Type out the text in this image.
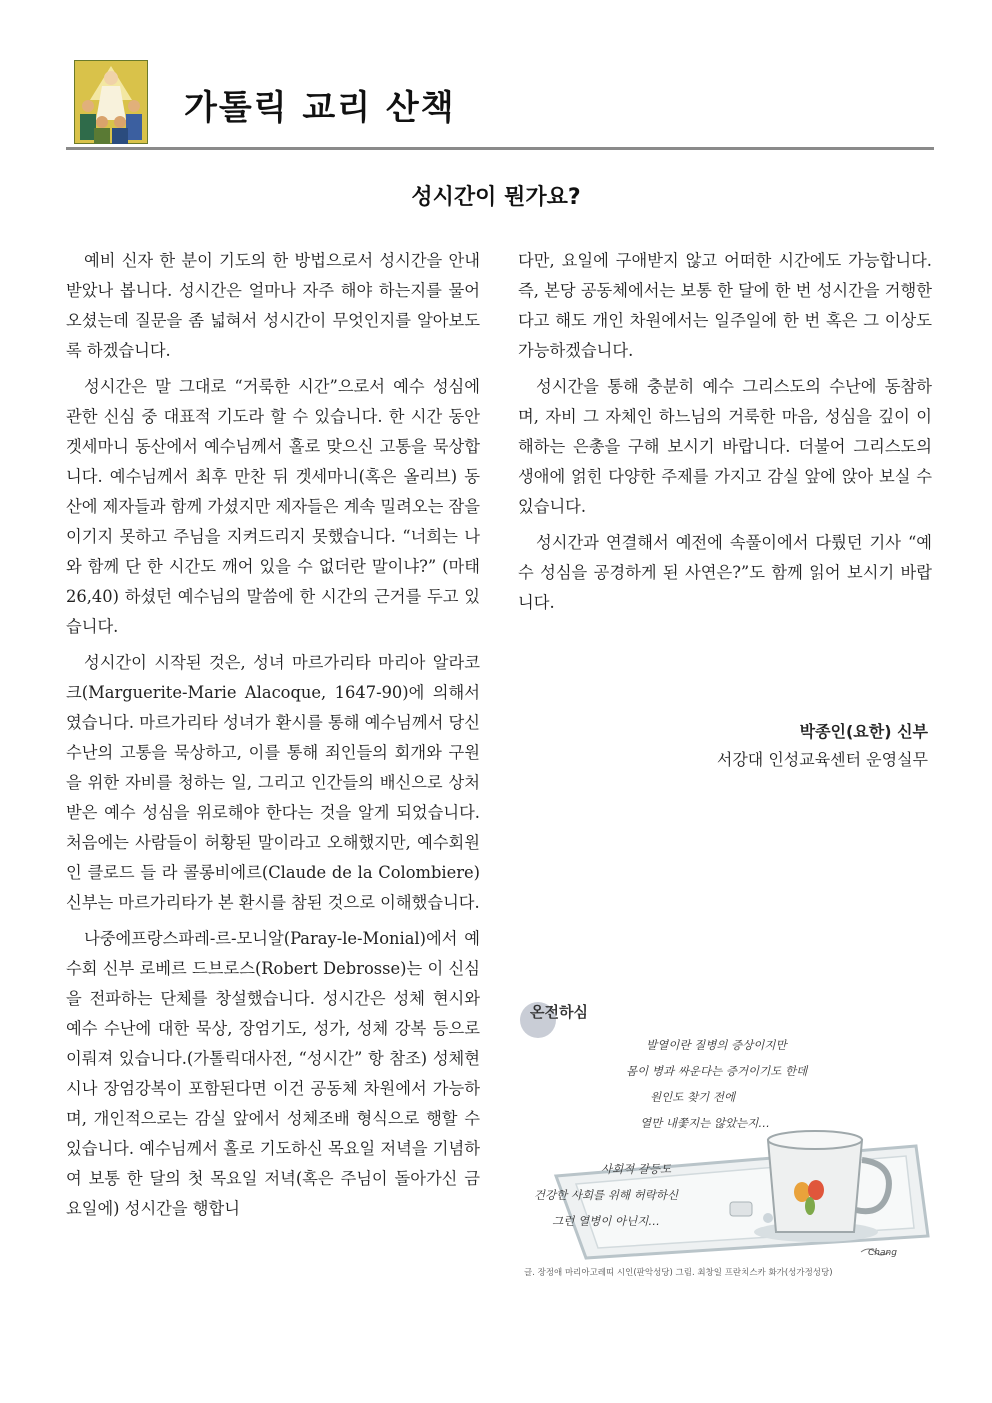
가톨릭 교리 산책
성시간이 뭔가요?

예비 신자 한 분이 기도의 한 방법으로서 성시간을 안내받았나 봅니다. 성시간은 얼마나 자주 해야 하는지를 물어 오셨는데 질문을 좀 넓혀서 성시간이 무엇인지를 알아보도록 하겠습니다.

성시간은 말 그대로 “거룩한 시간”으로서 예수 성심에 관한 신심 중 대표적 기도라 할 수 있습니다. 한 시간 동안 겟세마니 동산에서 예수님께서 홀로 맞으신 고통을 묵상합니다. 예수님께서 최후 만찬 뒤 겟세마니(혹은 올리브) 동산에 제자들과 함께 가셨지만 제자들은 계속 밀려오는 잠을 이기지 못하고 주님을 지켜드리지 못했습니다. “너희는 나와 함께 단 한 시간도 깨어 있을 수 없더란 말이냐?” (마태 26,40) 하셨던 예수님의 말씀에 한 시간의 근거를 두고 있습니다.

성시간이 시작된 것은, 성녀 마르가리타 마리아 알라코크(Marguerite-Marie Alacoque, 1647-90)에 의해서였습니다. 마르가리타 성녀가 환시를 통해 예수님께서 당신 수난의 고통을 묵상하고, 이를 통해 죄인들의 회개와 구원을 위한 자비를 청하는 일, 그리고 인간들의 배신으로 상처받은 예수 성심을 위로해야 한다는 것을 알게 되었습니다. 처음에는 사람들이 허황된 말이라고 오해했지만, 예수회원인 클로드 들 라 콜롱비에르(Claude de la Colombiere) 신부는 마르가리타가 본 환시를 참된 것으로 이해했습니다.

나중에프랑스파레-르-모니알(Paray-le-Monial)에서 예수회 신부 로베르 드브로스(Robert Debrosse)는 이 신심을 전파하는 단체를 창설했습니다. 성시간은 성체 현시와 예수 수난에 대한 묵상, 장엄기도, 성가, 성체 강복 등으로 이뤄져 있습니다.(가톨릭대사전, “성시간” 항 참조) 성체현시나 장엄강복이 포함된다면 이건 공동체 차원에서 가능하며, 개인적으로는 감실 앞에서 성체조배 형식으로 행할 수 있습니다. 예수님께서 홀로 기도하신 목요일 저녁을 기념하여 보통 한 달의 첫 목요일 저녁(혹은 주님이 돌아가신 금요일에) 성시간을 행합니

다만, 요일에 구애받지 않고 어떠한 시간에도 가능합니다. 즉, 본당 공동체에서는 보통 한 달에 한 번 성시간을 거행한다고 해도 개인 차원에서는 일주일에 한 번 혹은 그 이상도 가능하겠습니다.

성시간을 통해 충분히 예수 그리스도의 수난에 동참하며, 자비 그 자체인 하느님의 거룩한 마음, 성심을 깊이 이해하는 은총을 구해 보시기 바랍니다. 더불어 그리스도의 생애에 얽힌 다양한 주제를 가지고 감실 앞에 앉아 보실 수 있습니다.

성시간과 연결해서 예전에 속풀이에서 다뤘던 기사 “예수 성심을 공경하게 된 사연은?”도 함께 읽어 보시기 바랍니다.

박종인(요한) 신부
서강대 인성교육센터 운영실무
온전하심
발열이란 질병의 증상이지만
몸이 병과 싸운다는 증거이기도 한데
원인도 찾기 전에
열만 내쫓지는 않았는지…
사회적 갈등도
건강한 사회를 위해 허락하신
그런 열병이 아닌지…
Chang
글. 장정애 마리아고레띠 시인(판악성당) 그림. 최창일 프란치스카 화가(성가정성당)
